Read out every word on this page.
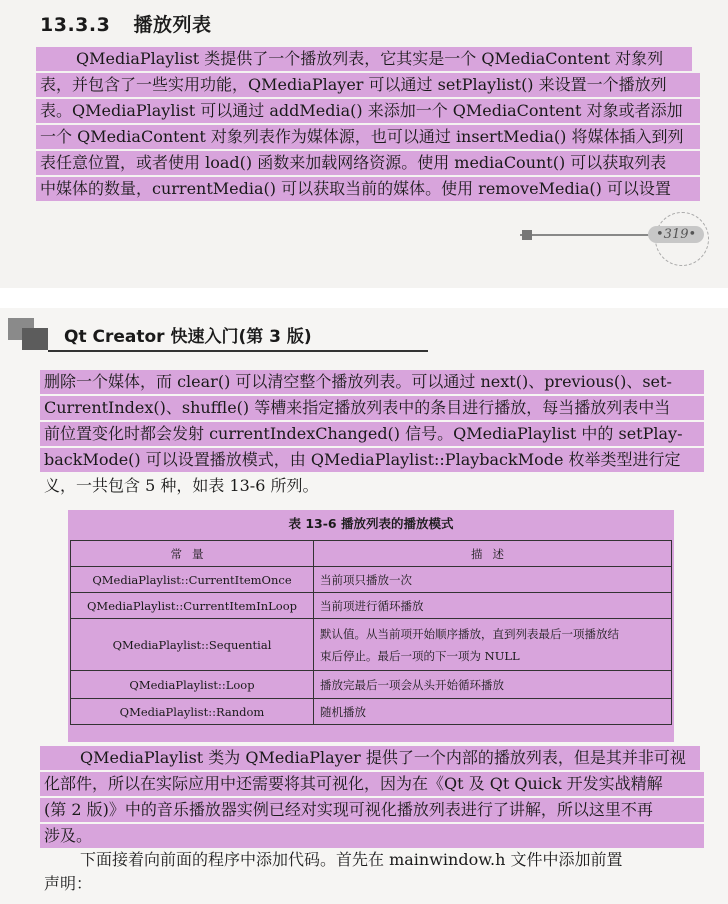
13.3.3 播放列表
QMediaPlaylist 类提供了一个播放列表，它其实是一个 QMediaContent 对象列
表，并包含了一些实用功能，QMediaPlayer 可以通过 setPlaylist() 来设置一个播放列
表。QMediaPlaylist 可以通过 addMedia() 来添加一个 QMediaContent 对象或者添加
一个 QMediaContent 对象列表作为媒体源，也可以通过 insertMedia() 将媒体插入到列
表任意位置，或者使用 load() 函数来加载网络资源。使用 mediaCount() 可以获取列表
中媒体的数量，currentMedia() 可以获取当前的媒体。使用 removeMedia() 可以设置
•319•
Qt Creator 快速入门(第 3 版)
删除一个媒体，而 clear() 可以清空整个播放列表。可以通过 next()、previous()、set-
CurrentIndex()、shuffle() 等槽来指定播放列表中的条目进行播放，每当播放列表中当
前位置变化时都会发射 currentIndexChanged() 信号。QMediaPlaylist 中的 setPlay-
backMode() 可以设置播放模式，由 QMediaPlaylist::PlaybackMode 枚举类型进行定
义，一共包含 5 种，如表 13-6 所列。
表 13-6 播放列表的播放模式
常量	描述
QMediaPlaylist::CurrentItemOnce	当前项只播放一次
QMediaPlaylist::CurrentItemInLoop	当前项进行循环播放
QMediaPlaylist::Sequential	默认值。从当前项开始顺序播放，直到列表最后一项播放结
束后停止。最后一项的下一项为 NULL

QMediaPlaylist::Loop	播放完最后一项会从头开始循环播放
QMediaPlaylist::Random	随机播放
QMediaPlaylist 类为 QMediaPlayer 提供了一个内部的播放列表，但是其并非可视
化部件，所以在实际应用中还需要将其可视化，因为在《Qt 及 Qt Quick 开发实战精解
(第 2 版)》中的音乐播放器实例已经对实现可视化播放列表进行了讲解，所以这里不再
涉及。
下面接着向前面的程序中添加代码。首先在 mainwindow.h 文件中添加前置
声明：
